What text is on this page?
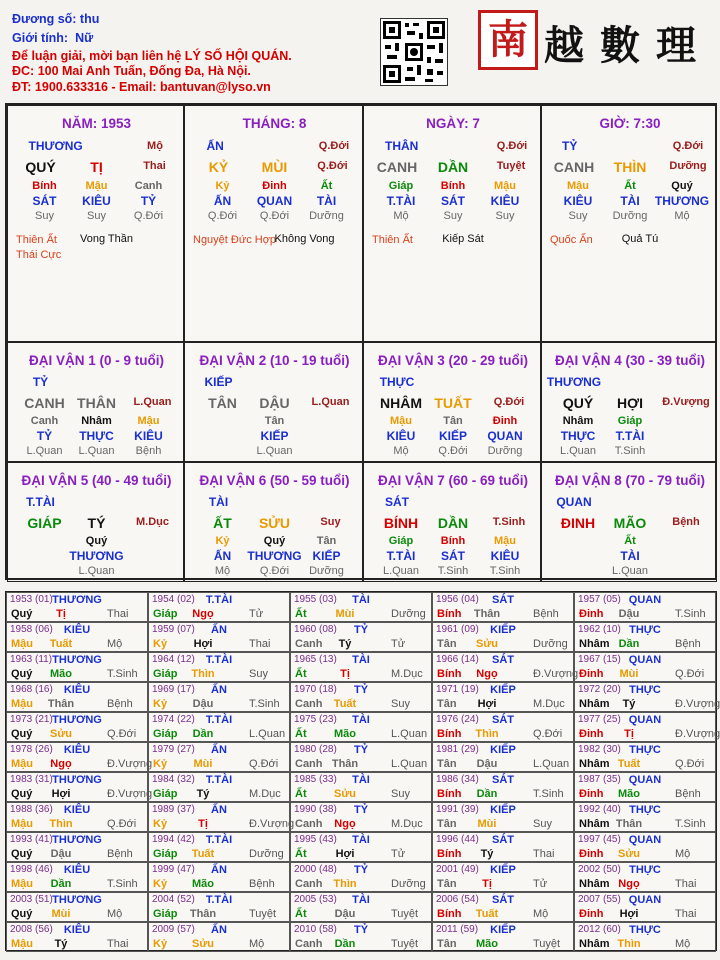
Đương số: thu
Giới tính: Nữ
Để luận giải, mời bạn liên hệ LÝ SỐ HỘI QUÁN.
ĐC: 100 Mai Anh Tuấn, Đống Đa, Hà Nội.
ĐT: 1900.633316 - Email: bantuvan@lyso.vn
南 越 數 理
NĂM: 1953
THƯƠNG	Mộ
QUÝ TỊ	Thai
Bính
SÁT
Suy
Mậu
KIÊU
Suy
Canh
TỶ
Q.Đới
Thiên Ất
Thái Cực
Vong Thần
THÁNG: 8
ẤN	Q.Đới
KỶ MÙI	Q.Đới
Kỷ
ẤN
Q.Đới
Đinh
QUAN
Q.Đới
Ất
TÀI
Dưỡng
Nguyệt Đức Hợp
Không Vong
NGÀY: 7
THÂN	Q.Đới
CANH DẦN	Tuyệt
Giáp
T.TÀI
Mộ
Bính
SÁT
Suy
Mậu
KIÊU
Suy
Thiên Ất	Kiếp Sát
GIỜ: 7:30
TỶ	Q.Đới
CANH THÌN Dưỡng
Mậu
KIÊU
Suy
Ất
TÀI
Dưỡng
Quý
THƯƠNG
Mộ
Quốc Ấn	Quả Tú
ĐẠI VẬN 1 (0 - 9 tuổi)
TỶ
CANH THÂN L.Quan
Canh
TỶ
L.Quan
Nhâm
THỰC
L.Quan
Mậu
KIÊU
Bệnh
ĐẠI VẬN 2 (10 - 19 tuổi)
KIẾP
TÂN DẬU L.Quan
Tân
KIẾP
L.Quan
ĐẠI VẬN 3 (20 - 29 tuổi)
THỰC
NHÂM TUẤT Q.Đới
Mậu
KIÊU
Mộ
Tân
KIẾP
Q.Đới
Đinh
QUAN
Dưỡng
ĐẠI VẬN 4 (30 - 39 tuổi)
THƯƠNG
QUÝ HỢI Đ.Vượng
Nhâm
THỰC
L.Quan
Giáp
T.TÀI
T.Sinh
ĐẠI VẬN 5 (40 - 49 tuổi)
T.TÀI
GIÁP TÝ	M.Dục
Quý
THƯƠNG
L.Quan
ĐẠI VẬN 6 (50 - 59 tuổi)
TÀI
ẤT SỬU	Suy
Kỷ
ẤN
Mộ
Quý
THƯƠNG
Q.Đới
Tân
KIẾP
Dưỡng
ĐẠI VẬN 7 (60 - 69 tuổi)
SÁT
BÍNH DẦN T.Sinh
Giáp
T.TÀI
L.Quan
Bính
SÁT
T.Sinh
Mậu
KIÊU
T.Sinh
ĐẠI VẬN 8 (70 - 79 tuổi)
QUAN
ĐINH MÃO Bệnh
Ất
TÀI
L.Quan
1953 (01) THƯƠNG
Quý Tị	Thai
1954 (02) T.TÀI
Giáp Ngọ	Tử
1955 (03) TÀI
Ất	Mùi	Dưỡng
1956 (04) SÁT
Bính Thân	Bệnh
1957 (05) QUAN
Đinh Dậu	T.Sinh
1958 (06) KIÊU
Mậu Tuất	Mộ
1959 (07) ẤN
Kỷ Hợi	Thai
1960 (08) TỶ
Canh Tý	Tử
1961 (09) KIẾP
Tân Sửu	Dưỡng
1962 (10) THỰC
Nhâm Dần	Bệnh
1963 (11) THƯƠNG
Quý Mão	T.Sinh
1964 (12) T.TÀI
Giáp Thìn	Suy
1965 (13) TÀI
Ất	Tị	M.Dục
1966 (14) SÁT
Bính Ngọ	Đ.Vượng
1967 (15) QUAN
Đinh Mùi	Q.Đới
1968 (16) KIÊU
Mậu Thân	Bệnh
1969 (17) ẤN
Kỷ Dậu	T.Sinh
1970 (18) TỶ
Canh Tuất	Suy
1971 (19) KIẾP
Tân Hợi	M.Dục
1972 (20) THỰC
Nhâm Tý	Đ.Vượng
1973 (21) THƯƠNG
Quý Sửu	Q.Đới
1974 (22) T.TÀI
Giáp Dần	L.Quan
1975 (23) TÀI
Ất Mão	L.Quan
1976 (24) SÁT
Bính Thìn	Q.Đới
1977 (25) QUAN
Đinh Tị	Đ.Vượng
1978 (26) KIÊU
Mậu Ngọ	Đ.Vượng
1979 (27) ẤN
Kỷ Mùi	Q.Đới
1980 (28) TỶ
Canh Thân	L.Quan
1981 (29) KIẾP
Tân Dậu	L.Quan
1982 (30) THỰC
Nhâm Tuất	Q.Đới
1983 (31) THƯƠNG
Quý Hợi	Đ.Vượng
1984 (32) T.TÀI
Giáp Tý	M.Dục
1985 (33) TÀI
Ất Sửu	Suy
1986 (34) SÁT
Bính Dần	T.Sinh
1987 (35) QUAN
Đinh Mão	Bệnh
1988 (36) KIÊU
Mậu Thìn	Q.Đới
1989 (37) ẤN
Kỷ	Tị	Đ.Vượng
1990 (38) TỶ
Canh Ngọ	M.Dục
1991 (39) KIẾP
Tân Mùi	Suy
1992 (40) THỰC
Nhâm Thân	T.Sinh
1993 (41) THƯƠNG
Quý Dậu	Bệnh
1994 (42) T.TÀI
Giáp Tuất	Dưỡng
1995 (43) TÀI
Ất	Hợi	Tử
1996 (44) SÁT
Bính Tý	Thai
1997 (45) QUAN
Đinh Sửu	Mộ
1998 (46) KIÊU
Mậu Dần	T.Sinh
1999 (47) ẤN
Kỷ Mão	Bệnh
2000 (48) TỶ
Canh Thìn	Dưỡng
2001 (49) KIẾP
Tân Tị	Tử
2002 (50) THỰC
Nhâm Ngọ	Thai
2003 (51) THƯƠNG
Quý Mùi	Mộ
2004 (52) T.TÀI
Giáp Thân	Tuyệt
2005 (53) TÀI
Ất	Dậu	Tuyệt
2006 (54) SÁT
Bính Tuất	Mộ
2007 (55) QUAN
Đinh Hợi	Thai
2008 (56) KIÊU
Mậu Tý	Thai
2009 (57) ẤN
Kỷ Sửu	Mộ
2010 (58) TỶ
Canh Dần	Tuyệt
2011 (59) KIẾP
Tân Mão	Tuyệt
2012 (60) THỰC
Nhâm Thìn	Mộ
